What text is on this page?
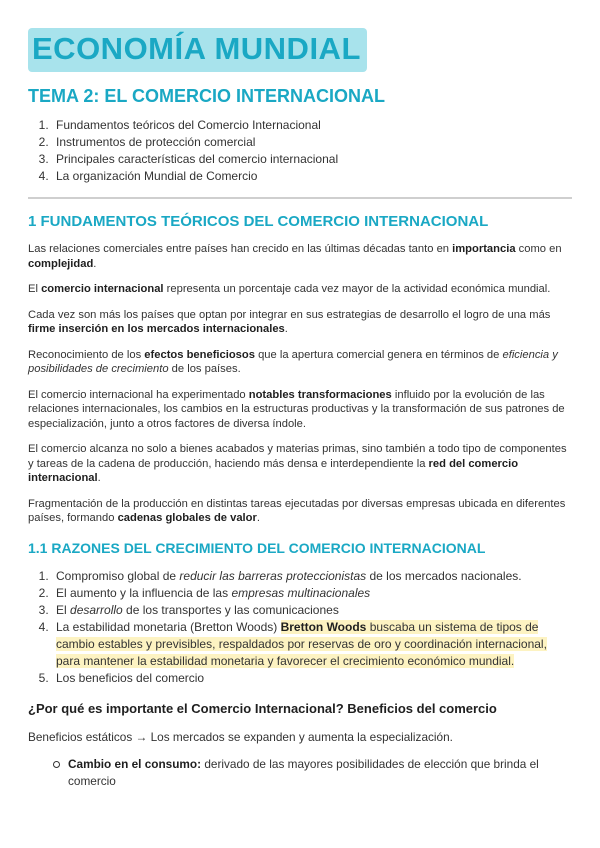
ECONOMÍA MUNDIAL
TEMA 2: EL COMERCIO INTERNACIONAL
1. Fundamentos teóricos del Comercio Internacional
2. Instrumentos de protección comercial
3. Principales características del comercio internacional
4. La organización Mundial de Comercio
1 FUNDAMENTOS TEÓRICOS DEL COMERCIO INTERNACIONAL

Las relaciones comerciales entre países han crecido en las últimas décadas tanto en importancia como en complejidad.

El comercio internacional representa un porcentaje cada vez mayor de la actividad económica mundial.

Cada vez son más los países que optan por integrar en sus estrategias de desarrollo el logro de una más firme inserción en los mercados internacionales.

Reconocimiento de los efectos beneficiosos que la apertura comercial genera en términos de eficiencia y posibilidades de crecimiento de los países.

El comercio internacional ha experimentado notables transformaciones influido por la evolución de las relaciones internacionales, los cambios en la estructuras productivas y la transformación de sus patrones de especialización, junto a otros factores de diversa índole.

El comercio alcanza no solo a bienes acabados y materias primas, sino también a todo tipo de componentes y tareas de la cadena de producción, haciendo más densa e interdependiente la red del comercio internacional.

Fragmentación de la producción en distintas tareas ejecutadas por diversas empresas ubicada en diferentes países, formando cadenas globales de valor.

1.1 RAZONES DEL CRECIMIENTO DEL COMERCIO INTERNACIONAL
1. Compromiso global de reducir las barreras proteccionistas de los mercados nacionales.
2. El aumento y la influencia de las empresas multinacionales
3. El desarrollo de los transportes y las comunicaciones
4. La estabilidad monetaria (Bretton Woods) Bretton Woods buscaba un sistema de tipos de cambio estables y previsibles, respaldados por reservas de oro y coordinación internacional, para mantener la estabilidad monetaria y favorecer el crecimiento económico mundial.
5. Los beneficios del comercio
¿Por qué es importante el Comercio Internacional? Beneficios del comercio

Beneficios estáticos → Los mercados se expanden y aumenta la especialización.

Cambio en el consumo: derivado de las mayores posibilidades de elección que brinda el comercio
